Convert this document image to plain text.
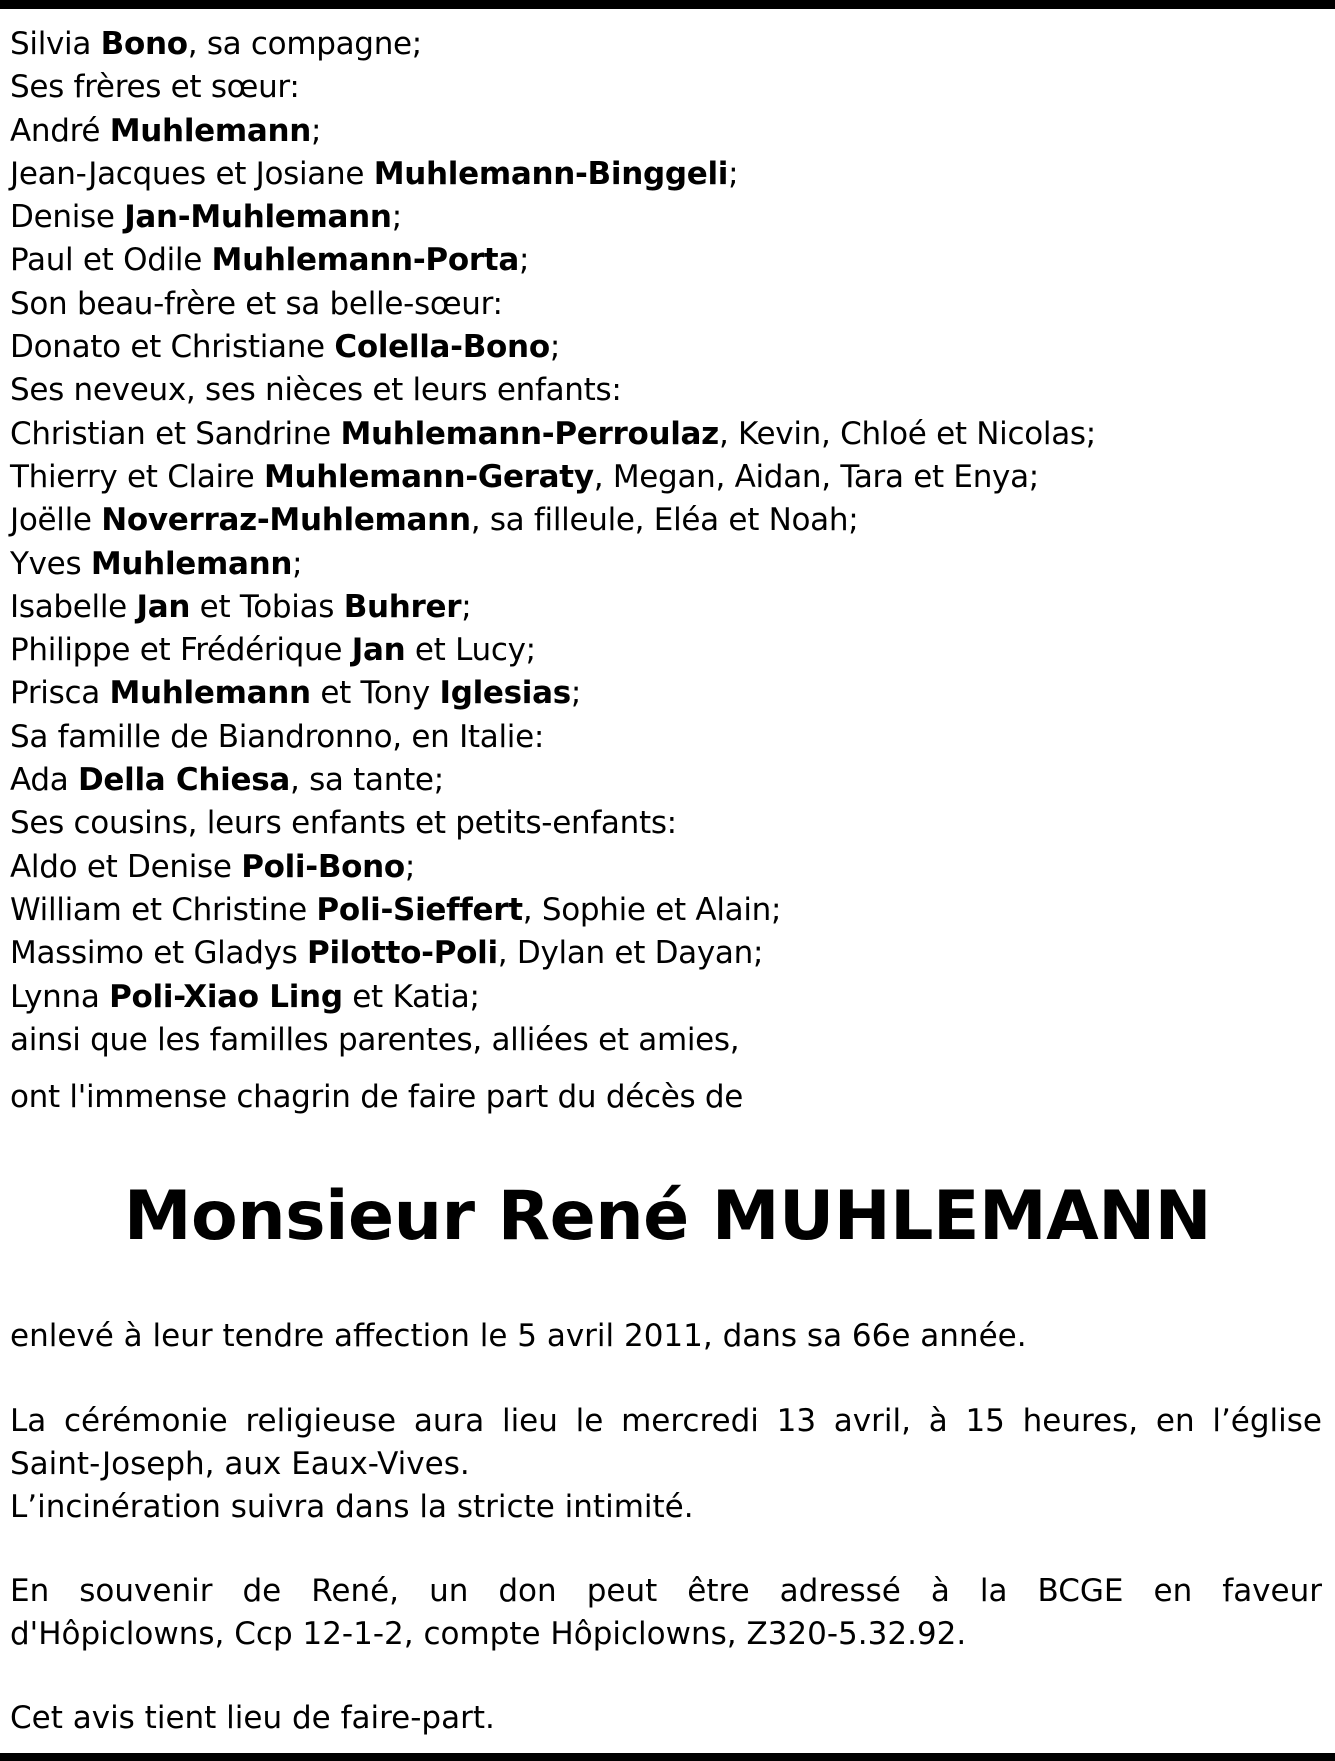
Silvia Bono, sa compagne;
Ses frères et sœur:
André Muhlemann;
Jean-Jacques et Josiane Muhlemann-Binggeli;
Denise Jan-Muhlemann;
Paul et Odile Muhlemann-Porta;
Son beau-frère et sa belle-sœur:
Donato et Christiane Colella-Bono;
Ses neveux, ses nièces et leurs enfants:
Christian et Sandrine Muhlemann-Perroulaz, Kevin, Chloé et Nicolas;
Thierry et Claire Muhlemann-Geraty, Megan, Aidan, Tara et Enya;
Joëlle Noverraz-Muhlemann, sa filleule, Eléa et Noah;
Yves Muhlemann;
Isabelle Jan et Tobias Buhrer;
Philippe et Frédérique Jan et Lucy;
Prisca Muhlemann et Tony Iglesias;
Sa famille de Biandronno, en Italie:
Ada Della Chiesa, sa tante;
Ses cousins, leurs enfants et petits-enfants:
Aldo et Denise Poli-Bono;
William et Christine Poli-Sieffert, Sophie et Alain;
Massimo et Gladys Pilotto-Poli, Dylan et Dayan;
Lynna Poli-Xiao Ling et Katia;
ainsi que les familles parentes, alliées et amies,
ont l'immense chagrin de faire part du décès de
Monsieur René MUHLEMANN

enlevé à leur tendre affection le 5 avril 2011, dans sa 66e année.

La cérémonie religieuse aura lieu le mercredi 13 avril, à 15 heures, en l’église
Saint-Joseph, aux Eaux-Vives.
L’incinération suivra dans la stricte intimité.

En souvenir de René, un don peut être adressé à la BCGE en faveur
d'Hôpiclowns, Ccp 12-1-2, compte Hôpiclowns, Z320-5.32.92.

Cet avis tient lieu de faire-part.
